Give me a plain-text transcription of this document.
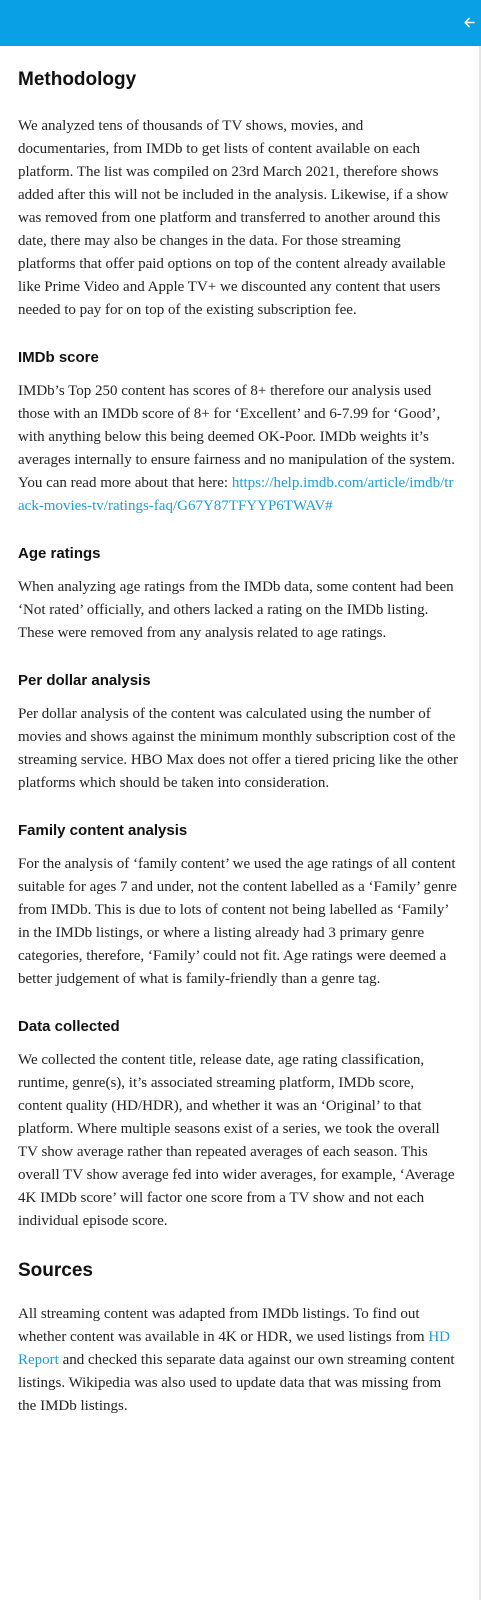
Methodology

We analyzed tens of thousands of TV shows, movies, and documentaries, from IMDb to get lists of content available on each platform. The list was compiled on 23rd March 2021, therefore shows added after this will not be included in the analysis. Likewise, if a show was removed from one platform and transferred to another around this date, there may also be changes in the data. For those streaming platforms that offer paid options on top of the content already available like Prime Video and Apple TV+ we discounted any content that users needed to pay for on top of the existing subscription fee.

IMDb score

IMDb’s Top 250 content has scores of 8+ therefore our analysis used those with an IMDb score of 8+ for ‘Excellent’ and 6-7.99 for ‘Good’, with anything below this being deemed OK-Poor. IMDb weights it’s averages internally to ensure fairness and no manipulation of the system. You can read more about that here: https://help.imdb.com/article/imdb/track-movies-tv/ratings-faq/G67Y87TFYYP6TWAV#

Age ratings

When analyzing age ratings from the IMDb data, some content had been ‘Not rated’ officially, and others lacked a rating on the IMDb listing. These were removed from any analysis related to age ratings.

Per dollar analysis

Per dollar analysis of the content was calculated using the number of movies and shows against the minimum monthly subscription cost of the streaming service. HBO Max does not offer a tiered pricing like the other platforms which should be taken into consideration.

Family content analysis

For the analysis of ‘family content’ we used the age ratings of all content suitable for ages 7 and under, not the content labelled as a ‘Family’ genre from IMDb. This is due to lots of content not being labelled as ‘Family’ in the IMDb listings, or where a listing already had 3 primary genre categories, therefore, ‘Family’ could not fit. Age ratings were deemed a better judgement of what is family-friendly than a genre tag.

Data collected

We collected the content title, release date, age rating classification, runtime, genre(s), it’s associated streaming platform, IMDb score, content quality (HD/HDR), and whether it was an ‘Original’ to that platform. Where multiple seasons exist of a series, we took the overall TV show average rather than repeated averages of each season. This overall TV show average fed into wider averages, for example, ‘Average 4K IMDb score’ will factor one score from a TV show and not each individual episode score.

Sources

All streaming content was adapted from IMDb listings. To find out whether content was available in 4K or HDR, we used listings from HD Report and checked this separate data against our own streaming content listings. Wikipedia was also used to update data that was missing from the IMDb listings.
